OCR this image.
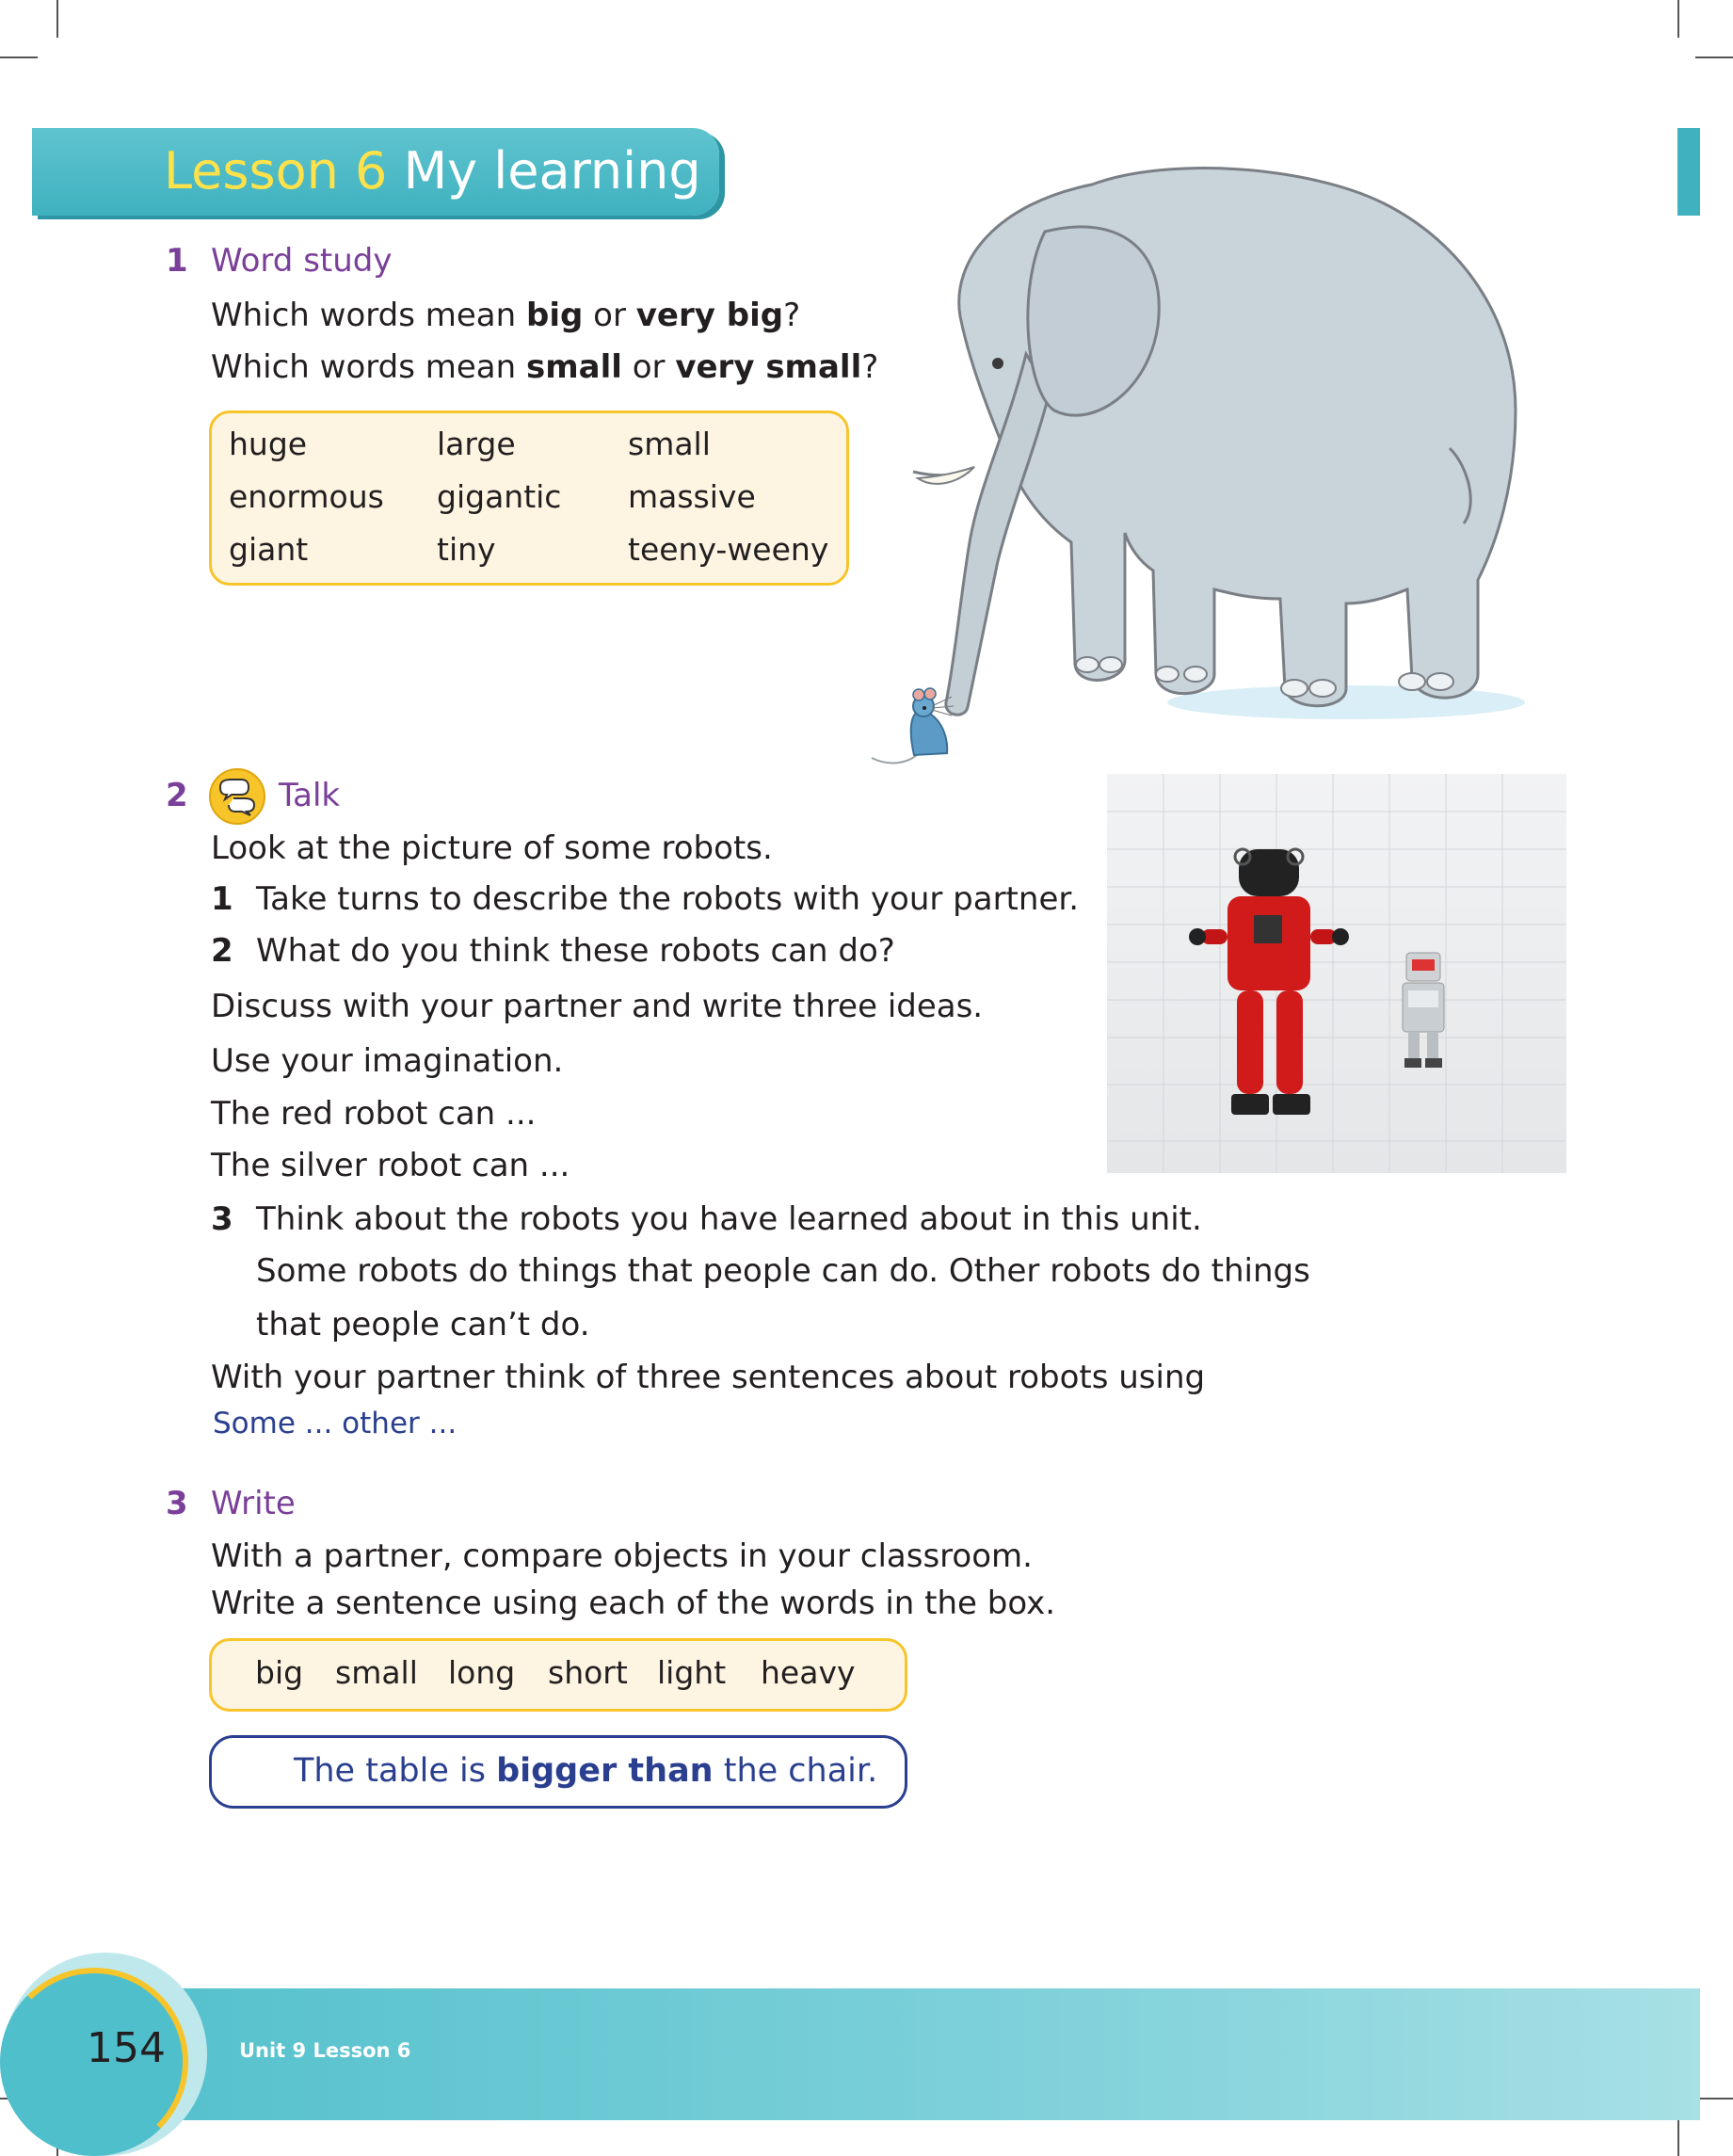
Lesson 6 My learning
1 Word study
Which words mean big or very big?
Which words mean small or very small?
huge	large	small
enormous gigantic massive
giant	tiny	teeny-weeny
2	Talk
Look at the picture of some robots.
1 Take turns to describe the robots with your partner.
2 What do you think these robots can do?
Discuss with your partner and write three ideas.
Use your imagination.
The red robot can ...
The silver robot can ...
3 Think about the robots you have learned about in this unit.
Some robots do things that people can do. Other robots do things
that people can’t do.
With your partner think of three sentences about robots using
Some ... other ...
3 Write
With a partner, compare objects in your classroom.
Write a sentence using each of the words in the box.
big small long short light heavy
The table is bigger than the chair.
154	Unit 9 Lesson 6
